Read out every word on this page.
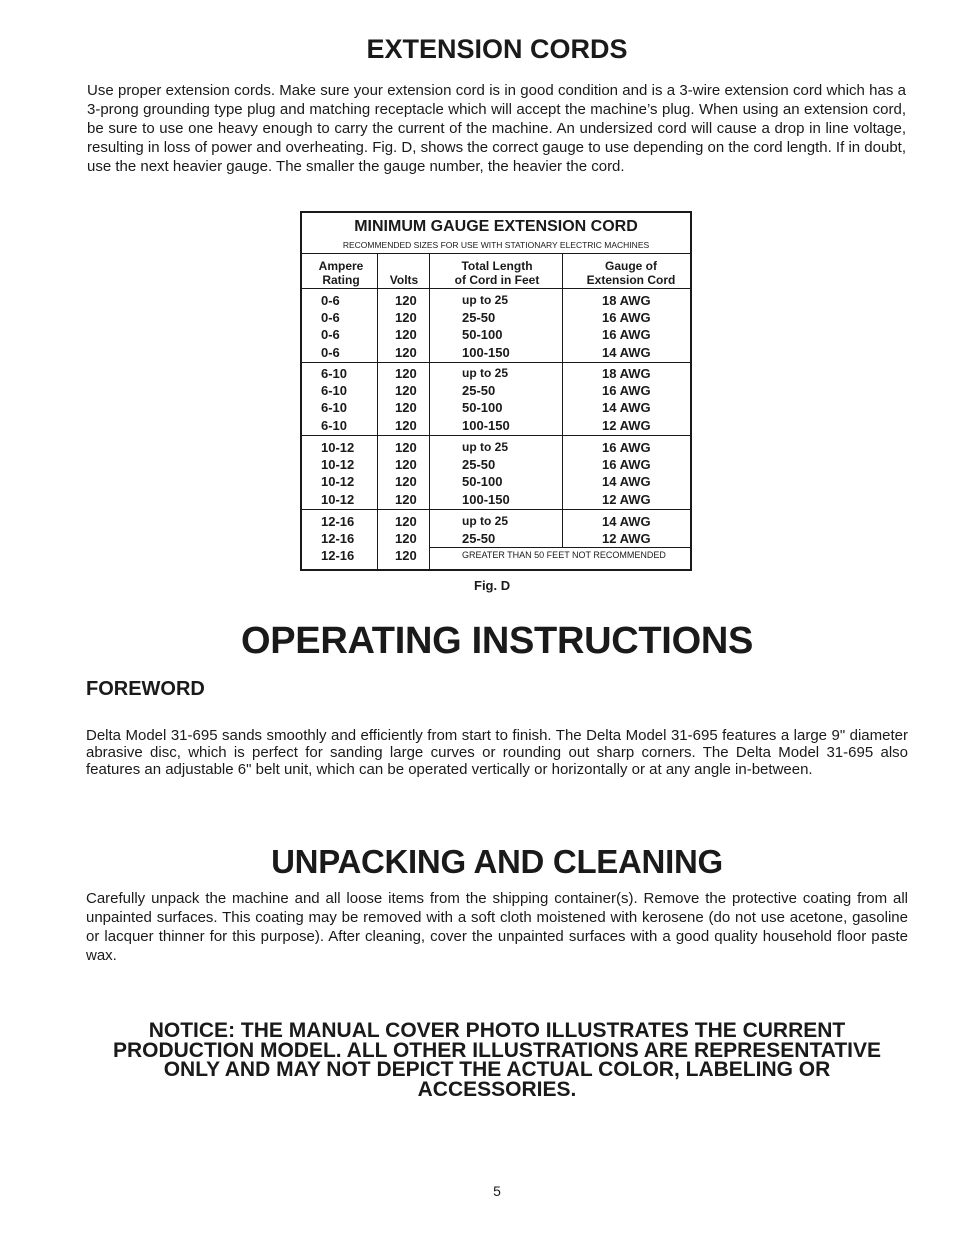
EXTENSION CORDS
Use proper extension cords. Make sure your extension cord is in good condition and is a 3-wire extension cord which has a 3-prong grounding type plug and matching receptacle which will accept the machine’s plug. When using an extension cord, be sure to use one heavy enough to carry the current of the machine. An undersized cord will cause a drop in line voltage, resulting in loss of power and overheating. Fig. D, shows the correct gauge to use depending on the cord length. If in doubt, use the next heavier gauge. The smaller the gauge number, the heavier the cord.
MINIMUM GAUGE EXTENSION CORD
RECOMMENDED SIZES FOR USE WITH STATIONARY ELECTRIC MACHINES
Ampere
Rating	Volts
Total Length
of Cord in Feet
Gauge of
Extension Cord
0-6
0-6
0-6
0-6
120
120
120
120
up to 25
25-50
50-100
100-150
18 AWG
16 AWG
16 AWG
14 AWG
6-10
6-10
6-10
6-10
120
120
120
120
up to 25
25-50
50-100
100-150
18 AWG
16 AWG
14 AWG
12 AWG
10-12
10-12
10-12
10-12
120
120
120
120
up to 25
25-50
50-100
100-150
16 AWG
16 AWG
14 AWG
12 AWG
12-16
12-16
12-16
120
120
120
up to 25
25-50
14 AWG
12 AWG
GREATER THAN 50 FEET NOT RECOMMENDED
Fig. D
OPERATING INSTRUCTIONS
FOREWORD
Delta Model 31-695 sands smoothly and efficiently from start to finish. The Delta Model 31-695 features a large 9" diameter abrasive disc, which is perfect for sanding large curves or rounding out sharp corners. The Delta Model 31-695 also features an adjustable 6" belt unit, which can be operated vertically or horizontally or at any angle in-between.
UNPACKING AND CLEANING
Carefully unpack the machine and all loose items from the shipping container(s). Remove the protective coating from all unpainted surfaces. This coating may be removed with a soft cloth moistened with kerosene (do not use acetone, gasoline or lacquer thinner for this purpose). After cleaning, cover the unpainted surfaces with a good quality household floor paste wax.
NOTICE: THE MANUAL COVER PHOTO ILLUSTRATES THE CURRENT
PRODUCTION MODEL. ALL OTHER ILLUSTRATIONS ARE REPRESENTATIVE
ONLY AND MAY NOT DEPICT THE ACTUAL COLOR, LABELING OR
ACCESSORIES.
5
